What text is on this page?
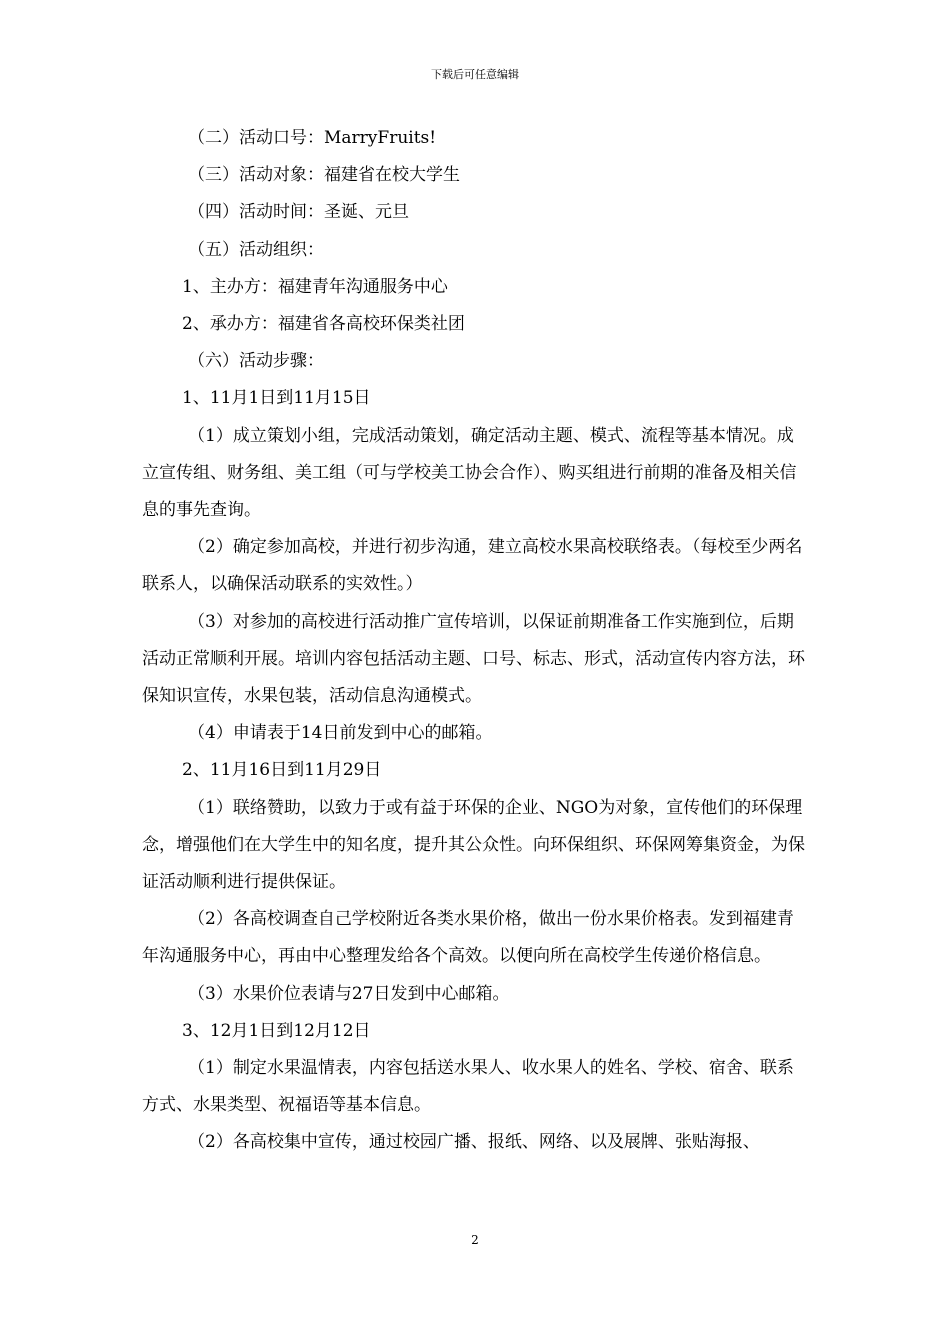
下载后可任意编辑

（二）活动口号：MarryFruits!

（三）活动对象：福建省在校大学生

（四）活动时间：圣诞、元旦

（五）活动组织：

1、主办方：福建青年沟通服务中心

2、承办方：福建省各高校环保类社团

（六）活动步骤：

1、11月1日到11月15日

（1）成立策划小组，完成活动策划，确定活动主题、模式、流程等基本情况。成立宣传组、财务组、美工组（可与学校美工协会合作）、购买组进行前期的准备及相关信息的事先查询。

（2）确定参加高校，并进行初步沟通，建立高校水果高校联络表。（每校至少两名联系人，以确保活动联系的实效性。）

（3）对参加的高校进行活动推广宣传培训，以保证前期准备工作实施到位，后期活动正常顺利开展。培训内容包括活动主题、口号、标志、形式，活动宣传内容方法，环保知识宣传，水果包装，活动信息沟通模式。

（4）申请表于14日前发到中心的邮箱。

2、11月16日到11月29日

（1）联络赞助，以致力于或有益于环保的企业、NGO为对象，宣传他们的环保理念，增强他们在大学生中的知名度，提升其公众性。向环保组织、环保网筹集资金，为保证活动顺利进行提供保证。

（2）各高校调查自己学校附近各类水果价格，做出一份水果价格表。发到福建青年沟通服务中心，再由中心整理发给各个高效。以便向所在高校学生传递价格信息。

（3）水果价位表请与27日发到中心邮箱。

3、12月1日到12月12日

（1）制定水果温情表，内容包括送水果人、收水果人的姓名、学校、宿舍、联系方式、水果类型、祝福语等基本信息。

（2）各高校集中宣传，通过校园广播、报纸、网络、以及展牌、张贴海报、

2
